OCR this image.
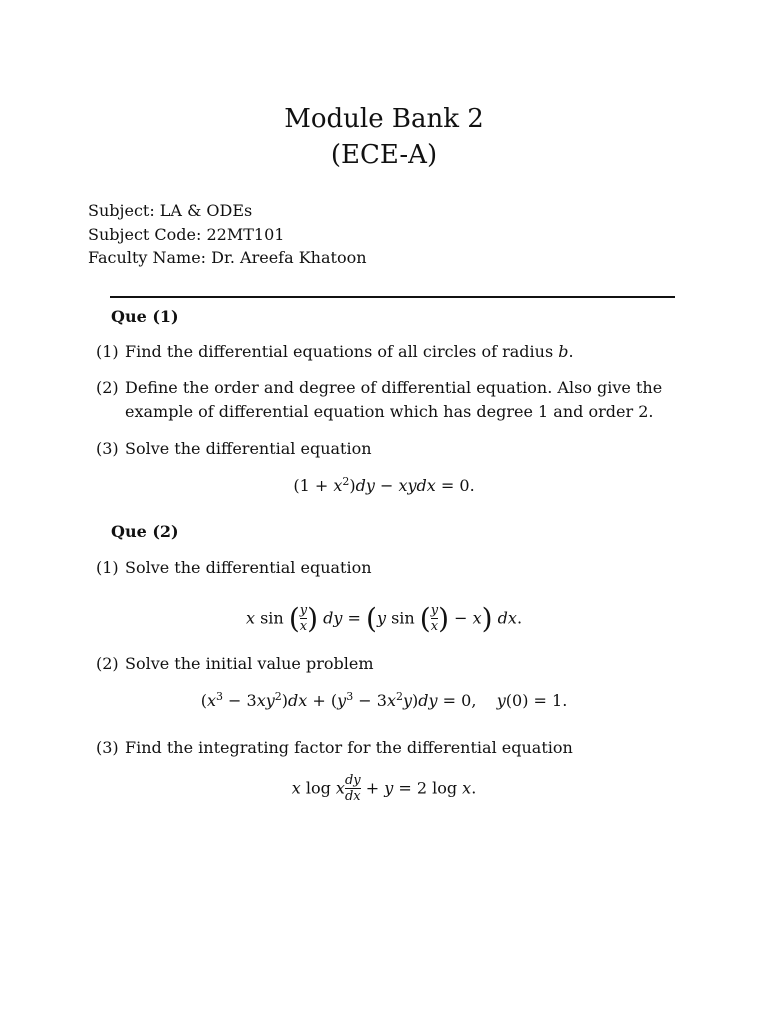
Module Bank 2
(ECE-A)
Subject: LA & ODEs
Subject Code: 22MT101
Faculty Name: Dr. Areefa Khatoon
Que (1)
(1) Find the differential equations of all circles of radius b.
(2) Define the order and degree of differential equation. Also give the
example of differential equation which has degree 1 and order 2.
(3) Solve the differential equation
$(1 + x^2)dy$ − xydx = 0.
Que (2)
(1) Solve the differential equation
x sin ( $\frac{y}{x}$ ) dy = (y sin ( $\frac{y}{x}$ ) − x) dx.
(2) Solve the initial value problem
$(x^3 - 3xy^2)dx + (y^3 - 3x^2y)dy = 0$,    y(0) = 1.
(3) Find the integrating factor for the differential equation
x log x $\frac{dy}{dx} + y = 2$ log x.
